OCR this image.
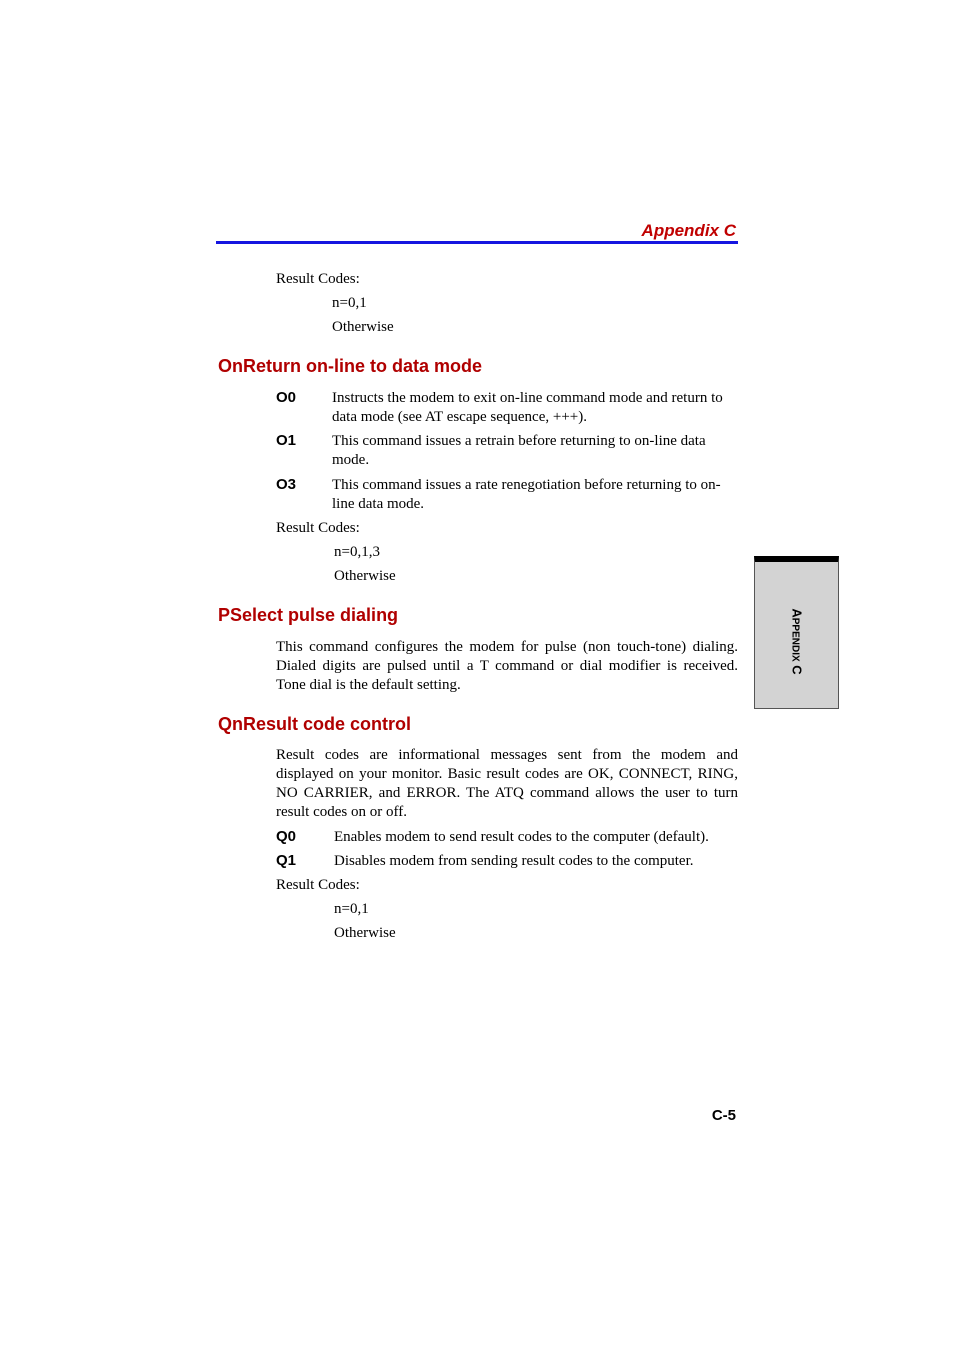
Appendix C
Result Codes:
n=0,1
Otherwise
OnReturn on-line to data mode
O0 Instructs the modem to exit on-line command mode and return to data mode (see AT escape sequence, +++).
O1 This command issues a retrain before returning to on-line data mode.
O3 This command issues a rate renegotiation before returning to on-line data mode.
Result Codes:
n=0,1,3
Otherwise
PSelect pulse dialing
This command configures the modem for pulse (non touch-tone) dialing. Dialed digits are pulsed until a T command or dial modifier is received. Tone dial is the default setting.
QnResult code control
Result codes are informational messages sent from the modem and displayed on your monitor. Basic result codes are OK, CONNECT, RING, NO CARRIER, and ERROR. The ATQ command allows the user to turn result codes on or off.
Q0	Enables modem to send result codes to the computer (default).
Q1	Disables modem from sending result codes to the computer.
Result Codes:
n=0,1
Otherwise
APPENDIX C
C-5
